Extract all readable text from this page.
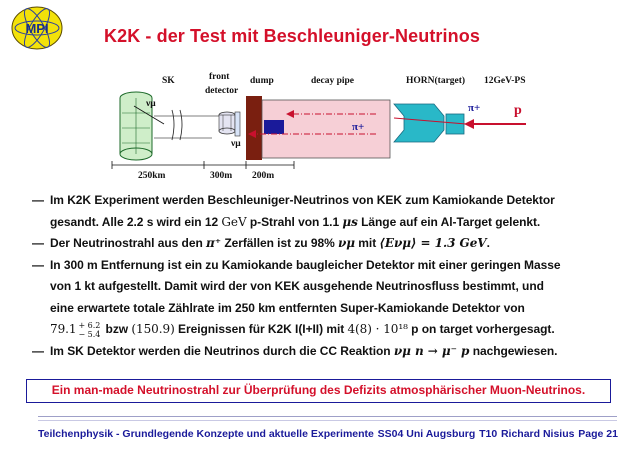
MPI	K2K - der Test mit Beschleuniger-Neutrinos
SK	front
detector
dump	decay pipe	HORN(target) 12GeV-PS
νμ
νμ
μ+	π+
π+ p
250km	300m 200m
— Im K2K Experiment werden Beschleuniger-Neutrinos von KEK zum Kamiokande Detektor
gesandt. Alle 2.2 s wird ein 12 GeV p-Strahl von 1.1 μs Länge auf ein Al-Target gelenkt.
— Der Neutrinostrahl aus den π⁺ Zerfällen ist zu 98% νμ mit ⟨Eνμ⟩ = 1.3 GeV.
— In 300 m Entfernung ist ein zu Kamiokande baugleicher Detektor mit einer geringen Masse
von 1 kt aufgestellt. Damit wird der von KEK ausgehende Neutrinosfluss bestimmt, und
eine erwartete totale Zählrate im 250 km entfernten Super-Kamiokande Detektor von
79.1 + 6.2
− 5.4 bzw (150.9) Ereignissen für K2K I(I+II) mit 4(8) · 10¹⁸ p on target vorhergesagt.
— Im SK Detektor werden die Neutrinos durch die CC Reaktion νμ n → μ⁻ p nachgewiesen.
Ein man-made Neutrinostrahl zur Überprüfung des Defizits atmosphärischer Muon-Neutrinos.
Teilchenphysik - Grundlegende Konzepte und aktuelle Experimente SS04 Uni Augsburg T10 Richard Nisius Page 21
